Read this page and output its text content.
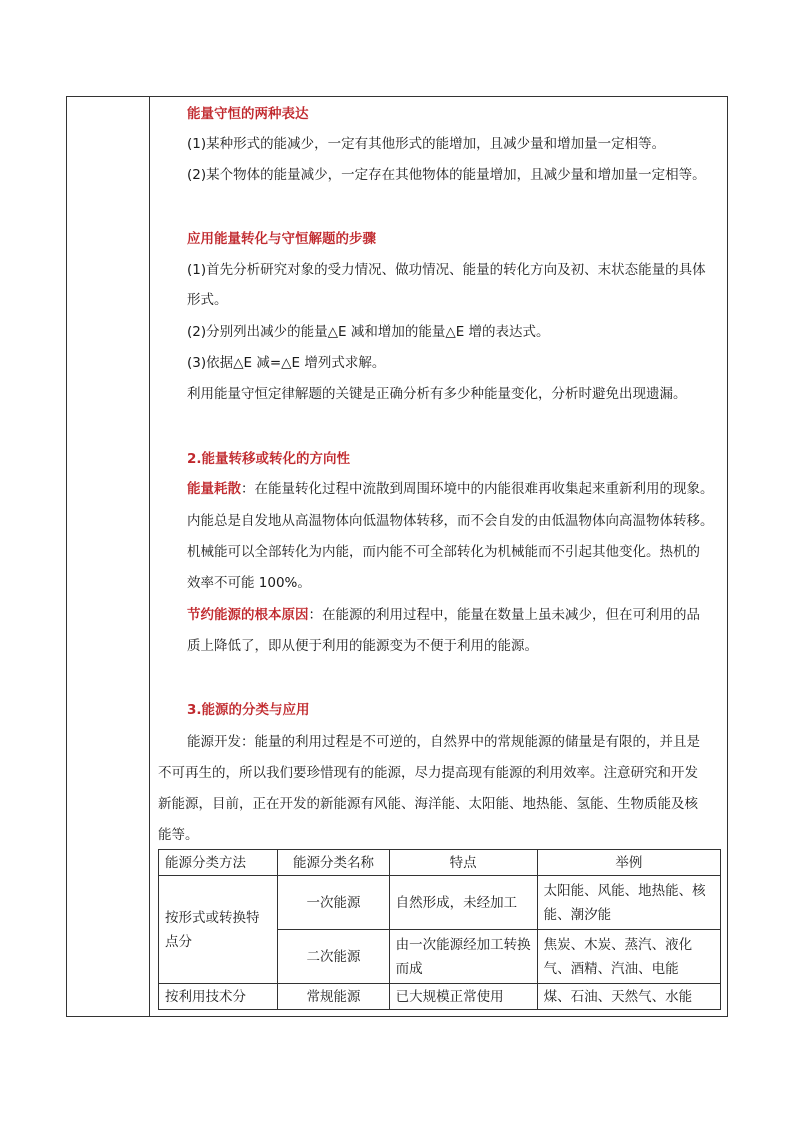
能量守恒的两种表达
(1)某种形式的能减少，一定有其他形式的能增加，且减少量和增加量一定相等。
(2)某个物体的能量减少，一定存在其他物体的能量增加，且减少量和增加量一定相等。
应用能量转化与守恒解题的步骤
(1)首先分析研究对象的受力情况、做功情况、能量的转化方向及初、末状态能量的具体
形式。
(2)分别列出减少的能量△E 减和增加的能量△E 增的表达式。
(3)依据△E 减=△E 增列式求解。
利用能量守恒定律解题的关键是正确分析有多少种能量变化，分析时避免出现遗漏。
2.能量转移或转化的方向性
能量耗散：在能量转化过程中流散到周围环境中的内能很难再收集起来重新利用的现象。
内能总是自发地从高温物体向低温物体转移，而不会自发的由低温物体向高温物体转移。
机械能可以全部转化为内能，而内能不可全部转化为机械能而不引起其他变化。热机的
效率不可能 100%。
节约能源的根本原因：在能源的利用过程中，能量在数量上虽未减少，但在可利用的品
质上降低了，即从便于利用的能源变为不便于利用的能源。
3.能源的分类与应用
能源开发：能量的利用过程是不可逆的，自然界中的常规能源的储量是有限的，并且是
不可再生的，所以我们要珍惜现有的能源，尽力提高现有能源的利用效率。注意研究和开发
新能源，目前，正在开发的新能源有风能、海洋能、太阳能、地热能、氢能、生物质能及核
能等。
能源分类方法	能源分类名称	特点	举例
按形式或转换特点分	一次能源	自然形成，未经加工	太阳能、风能、地热能、核能、潮汐能
	二次能源	由一次能源经加工转换而成	焦炭、木炭、蒸汽、液化气、酒精、汽油、电能
按利用技术分	常规能源	已大规模正常使用	煤、石油、天然气、水能
